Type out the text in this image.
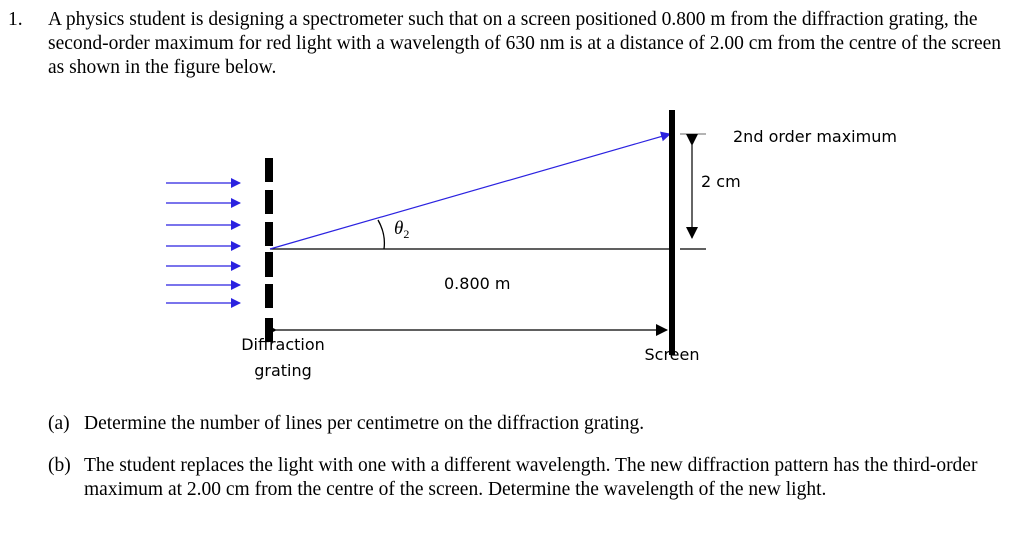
1. A physics student is designing a spectrometer such that on a screen positioned 0.800 m from the diffraction grating, the second-order maximum for red light with a wavelength of 630 nm is at a distance of 2.00 cm from the centre of the screen as shown in the figure below.
2nd order maximum
2 cm
$\theta_2$
0.800 m
Diffraction
grating
Screen
(a) Determine the number of lines per centimetre on the diffraction grating.
(b) The student replaces the light with one with a different wavelength. The new diffraction pattern has the third-order maximum at 2.00 cm from the centre of the screen. Determine the wavelength of the new light.
